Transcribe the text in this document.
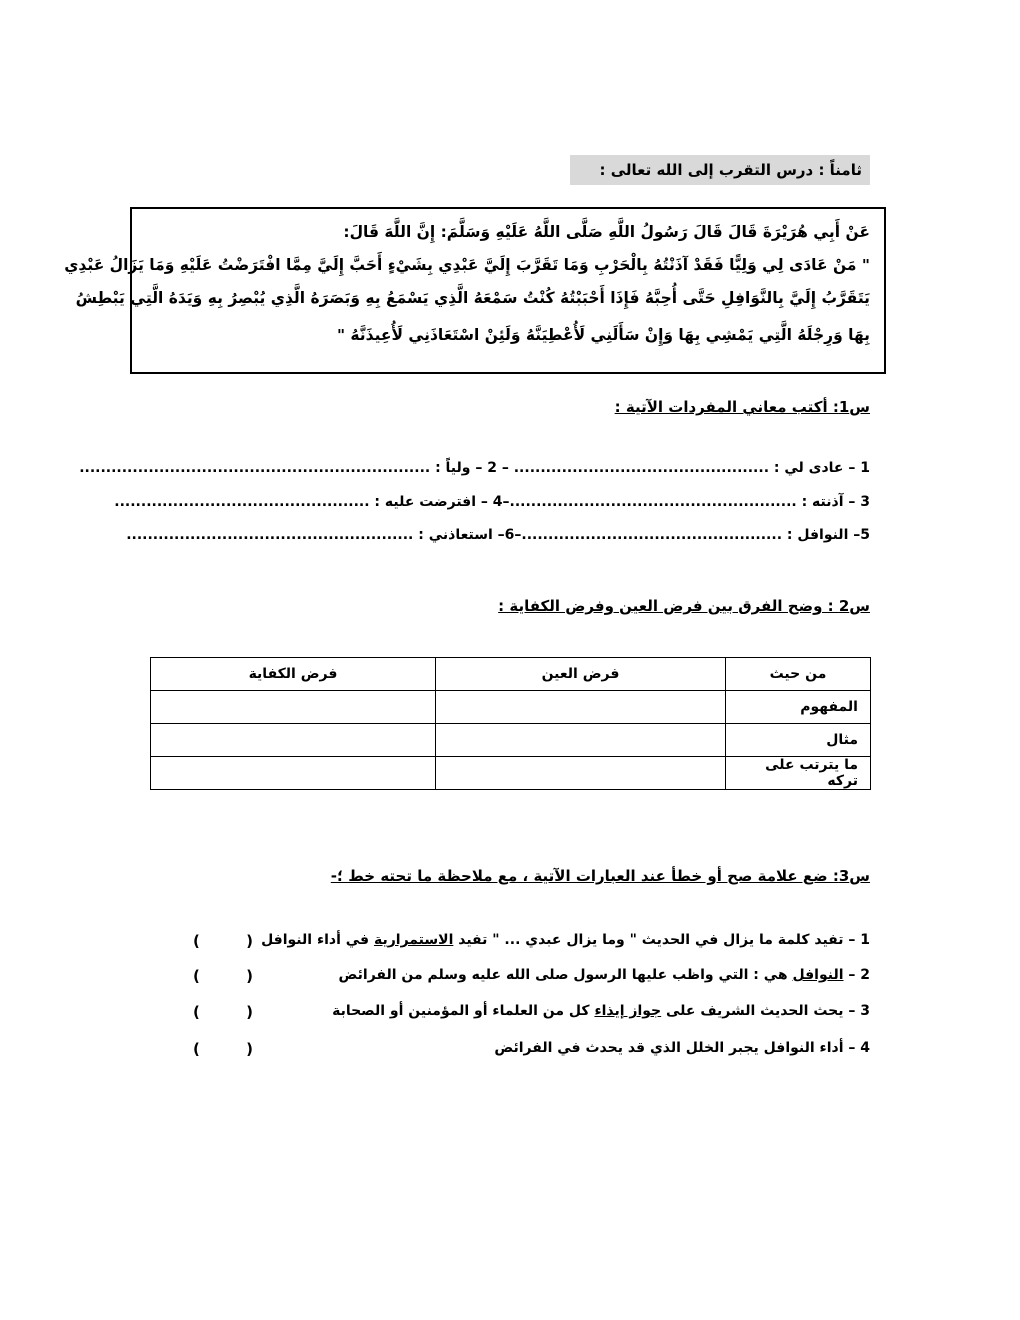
ثامناً : درس التقرب إلى الله تعالى :
عَنْ أَبِي هُرَيْرَةَ قَالَ قَالَ رَسُولُ اللَّهِ صَلَّى اللَّهُ عَلَيْهِ وَسَلَّمَ: إِنَّ اللَّهَ قَالَ:
" مَنْ عَادَى لِي وَلِيًّا فَقَدْ آذَنْتُهُ بِالْحَرْبِ وَمَا تَقَرَّبَ إِلَيَّ عَبْدِي بِشَيْءٍ أَحَبَّ إِلَيَّ مِمَّا افْتَرَضْتُ عَلَيْهِ وَمَا يَزَالُ عَبْدِي
يَتَقَرَّبُ إِلَيَّ بِالنَّوَافِلِ حَتَّى أُحِبَّهُ فَإِذَا أَحْبَبْتُهُ كُنْتُ سَمْعَهُ الَّذِي يَسْمَعُ بِهِ وَبَصَرَهُ الَّذِي يُبْصِرُ بِهِ وَيَدَهُ الَّتِي يَبْطِشُ
بِهَا وَرِجْلَهُ الَّتِي يَمْشِي بِهَا وَإِنْ سَأَلَنِي لَأُعْطِيَنَّهُ وَلَئِنْ اسْتَعَاذَنِي لَأُعِيذَنَّهُ "
س1: أكتب معاني المفردات الآتية :
1 – عادى لي : ................................................ – 2 – ولياً : ..................................................................
3 – آذنته : ......................................................–4 – افترضت عليه : ................................................
5– النوافل : .................................................–6– استعاذني : ......................................................
س2 : وضح الفرق بين فرض العين وفرض الكفاية :
من حيث	فرض العين	فرض الكفاية
المفهوم		
مثال		
ما يترتب على تركه		
س3: ضع علامة صح أو خطأ عند العبارات الآتية ، مع ملاحظة ما تحته خط ؛-
1 – تفيد كلمة ما يزال في الحديث " وما يزال عبدي ... " تفيد الاستمرارية في أداء النوافل
2 – النوافل هي : التي واظب عليها الرسول صلى الله عليه وسلم من الفرائض
3 – يحث الحديث الشريف على جواز إيذاء كل من العلماء أو المؤمنين أو الصحابة
4 – أداء النوافل يجبر الخلل الذي قد يحدث في الفرائض
(	)
(	)
(	)
(	)
